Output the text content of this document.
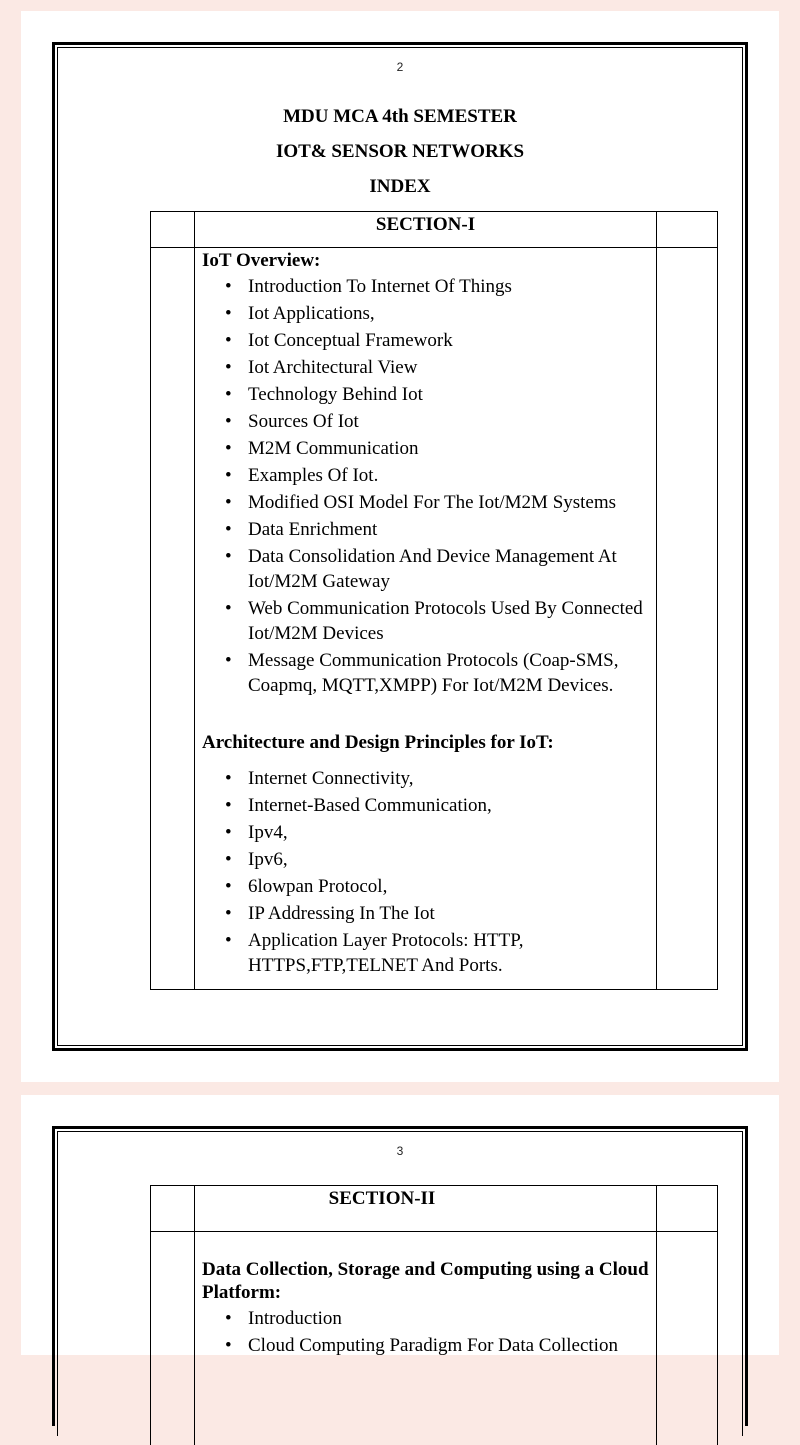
2
MDU MCA 4th SEMESTER
IOT& SENSOR NETWORKS
INDEX
SECTION-I
IoT Overview:
• Introduction To Internet Of Things
• Iot Applications,
• Iot Conceptual Framework
• Iot Architectural View
• Technology Behind Iot
• Sources Of Iot
• M2M Communication
• Examples Of Iot.
• Modified OSI Model For The Iot/M2M Systems
• Data Enrichment
• Data Consolidation And Device Management At Iot/M2M Gateway
• Web Communication Protocols Used By Connected Iot/M2M Devices
• Message Communication Protocols (Coap-SMS, Coapmq, MQTT,XMPP) For Iot/M2M Devices.
Architecture and Design Principles for IoT:
• Internet Connectivity,
• Internet-Based Communication,
• Ipv4,
• Ipv6,
• 6lowpan Protocol,
• IP Addressing In The Iot
• Application Layer Protocols: HTTP, HTTPS,FTP,TELNET And Ports.
3
SECTION-II
Data Collection, Storage and Computing using a Cloud Platform:
• Introduction
• Cloud Computing Paradigm For Data Collection
